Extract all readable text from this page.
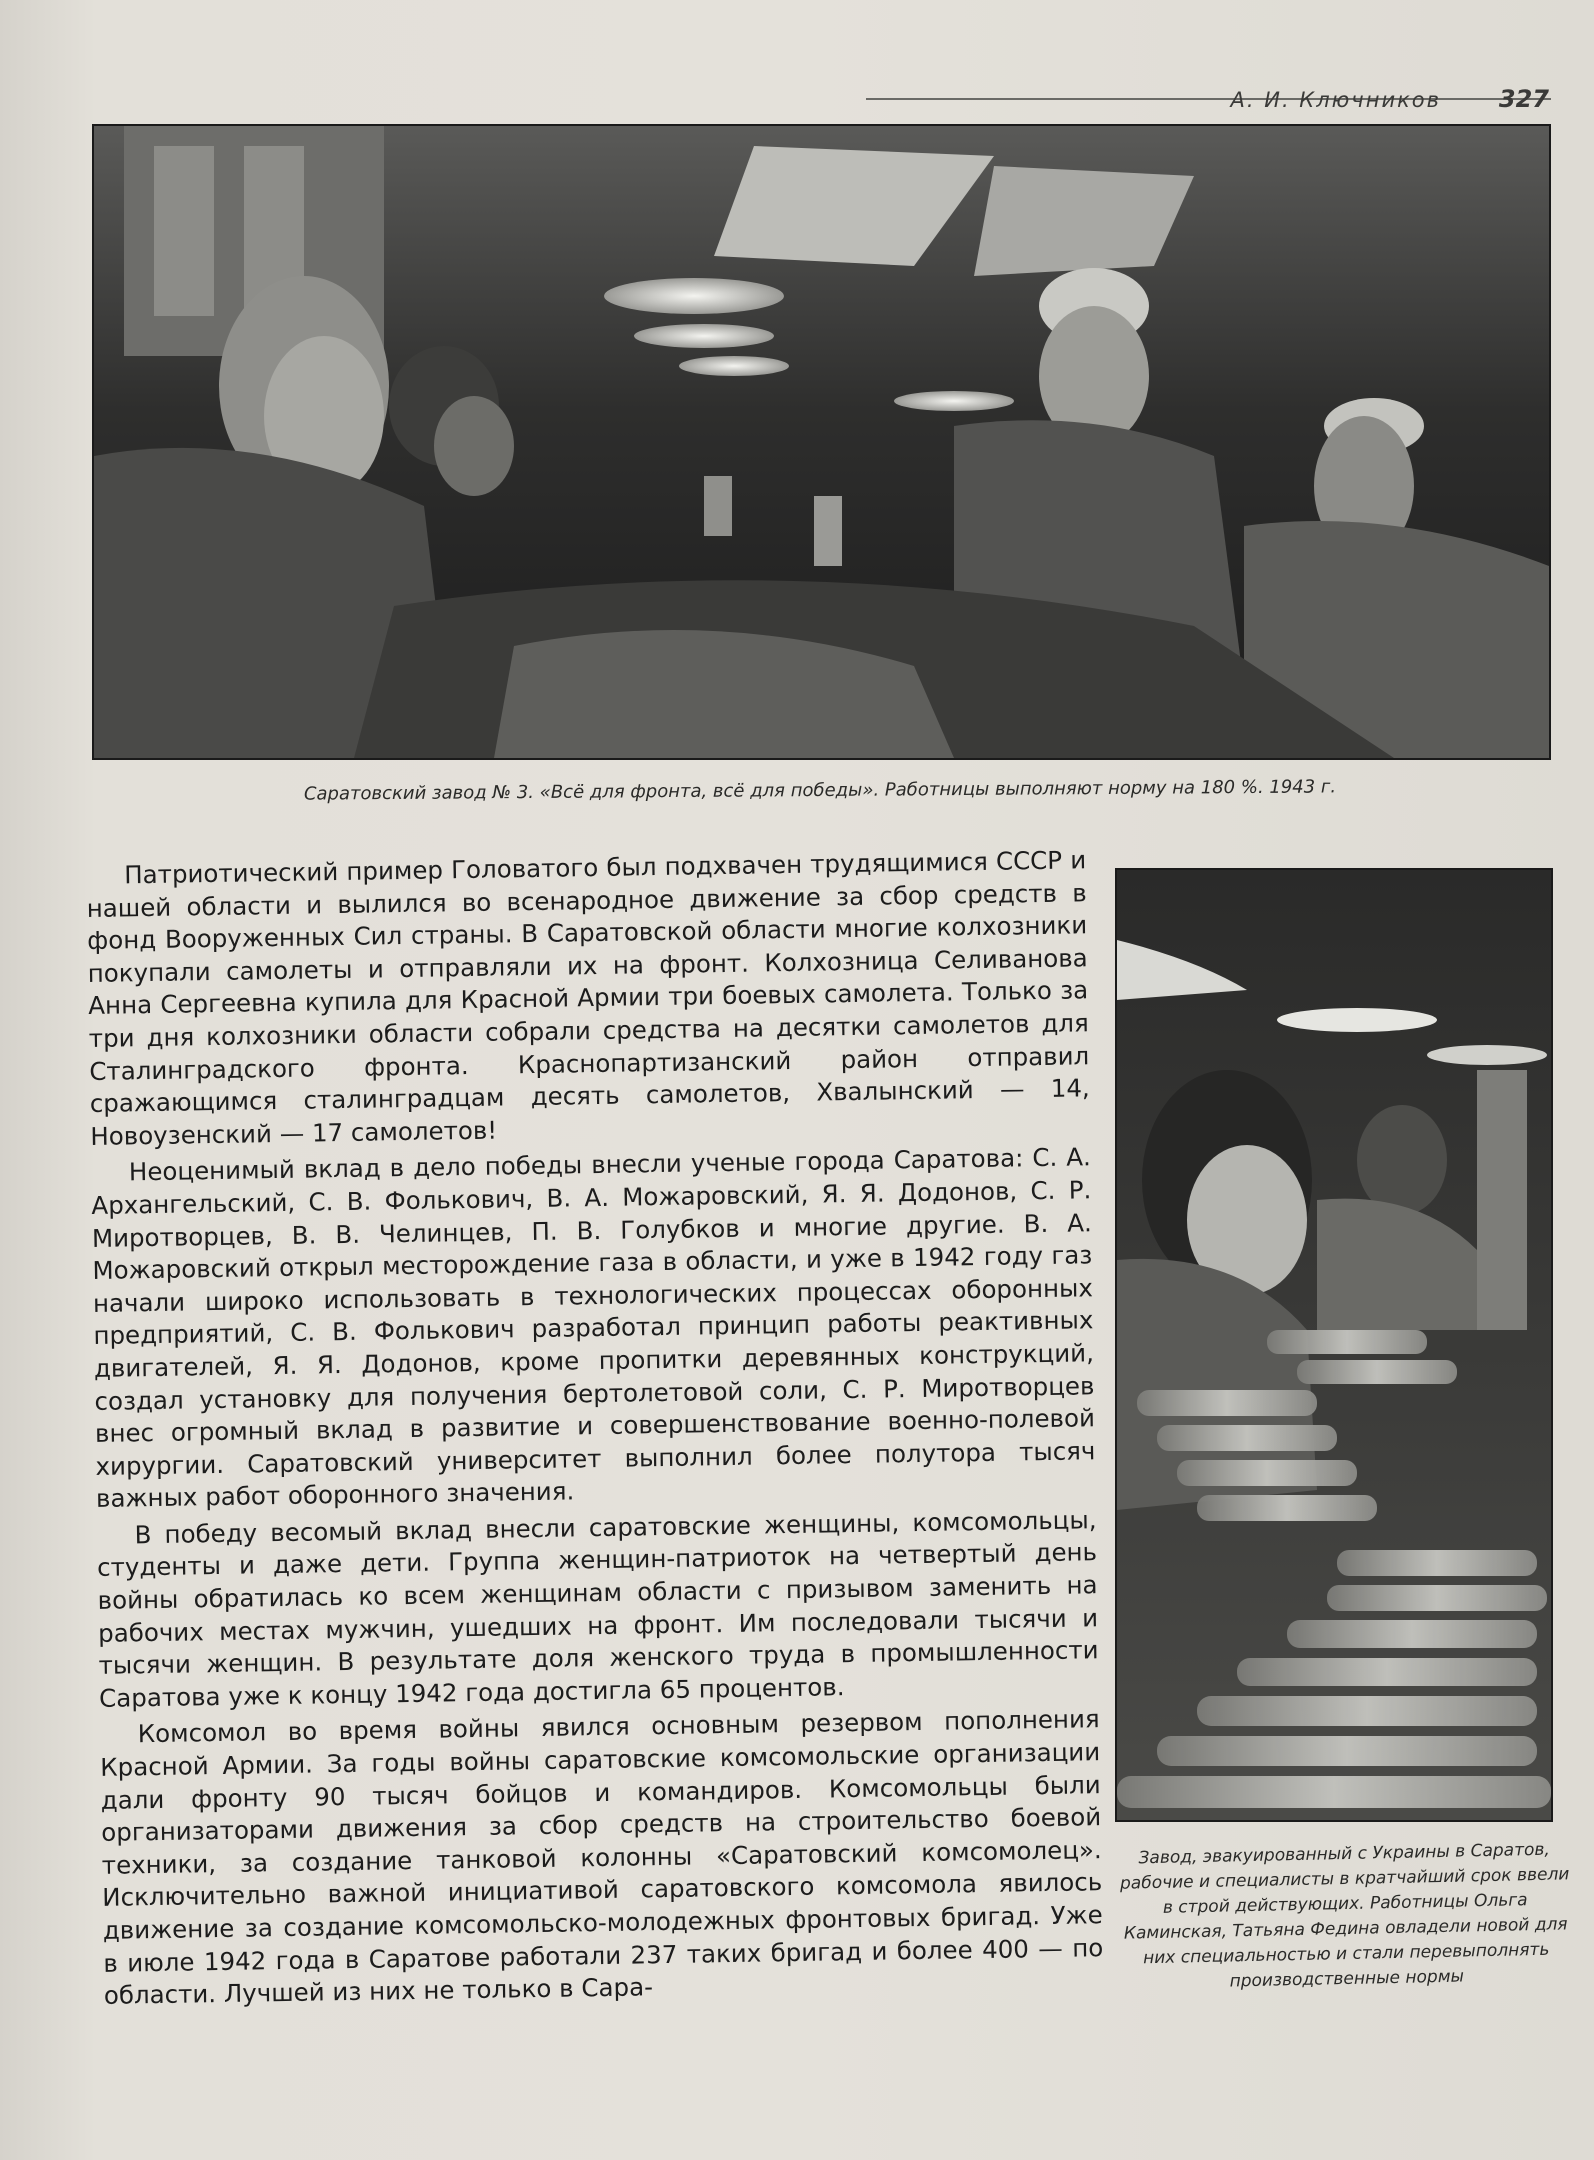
А. И. Ключников 327
Саратовский завод № 3. «Всё для фронта, всё для победы». Работницы выполняют норму на 180 %. 1943 г.

Патриотический пример Головатого был подхвачен трудящимися СССР и нашей области и вылился во всенародное движение за сбор средств в фонд Вооруженных Сил страны. В Саратовской области многие колхозники покупали самолеты и отправляли их на фронт. Колхозница Селиванова Анна Сергеевна купила для Красной Армии три боевых самолета. Только за три дня колхозники области собрали средства на десятки самолетов для Сталинградского фронта. Краснопартизанский район отправил сражающимся сталинградцам десять самолетов, Хвалынский — 14, Новоузенский — 17 самолетов!

Неоценимый вклад в дело победы внесли ученые города Саратова: С. А. Архангельский, С. В. Фолькович, В. А. Можаровский, Я. Я. Додонов, С. Р. Миротворцев, В. В. Челинцев, П. В. Голубков и многие другие. В. А. Можаровский открыл месторождение газа в области, и уже в 1942 году газ начали широко использовать в технологических процессах оборонных предприятий, С. В. Фолькович разработал принцип работы реактивных двигателей, Я. Я. Додонов, кроме пропитки деревянных конструкций, создал установку для получения бертолетовой соли, С. Р. Миротворцев внес огромный вклад в развитие и совершенствование военно-полевой хирургии. Саратовский университет выполнил более полутора тысяч важных работ оборонного значения.

В победу весомый вклад внесли саратовские женщины, комсомольцы, студенты и даже дети. Группа женщин-патриоток на четвертый день войны обратилась ко всем женщинам области с призывом заменить на рабочих местах мужчин, ушедших на фронт. Им последовали тысячи и тысячи женщин. В результате доля женского труда в промышленности Саратова уже к концу 1942 года достигла 65 процентов.

Комсомол во время войны явился основным резервом пополнения Красной Армии. За годы войны саратовские комсомольские организации дали фронту 90 тысяч бойцов и командиров. Комсомольцы были организаторами движения за сбор средств на строительство боевой техники, за создание танковой колонны «Саратовский комсомолец». Исключительно важной инициативой саратовского комсомола явилось движение за создание комсомольско-молодежных фронтовых бригад. Уже в июле 1942 года в Саратове работали 237 таких бригад и более 400 — по области. Лучшей из них не только в Сара-

Завод, эвакуированный с Украины в Саратов, рабочие и специалисты в кратчайший срок ввели в строй действующих. Работницы Ольга Каминская, Татьяна Федина овладели новой для них специальностью и стали перевыполнять производственные нормы
